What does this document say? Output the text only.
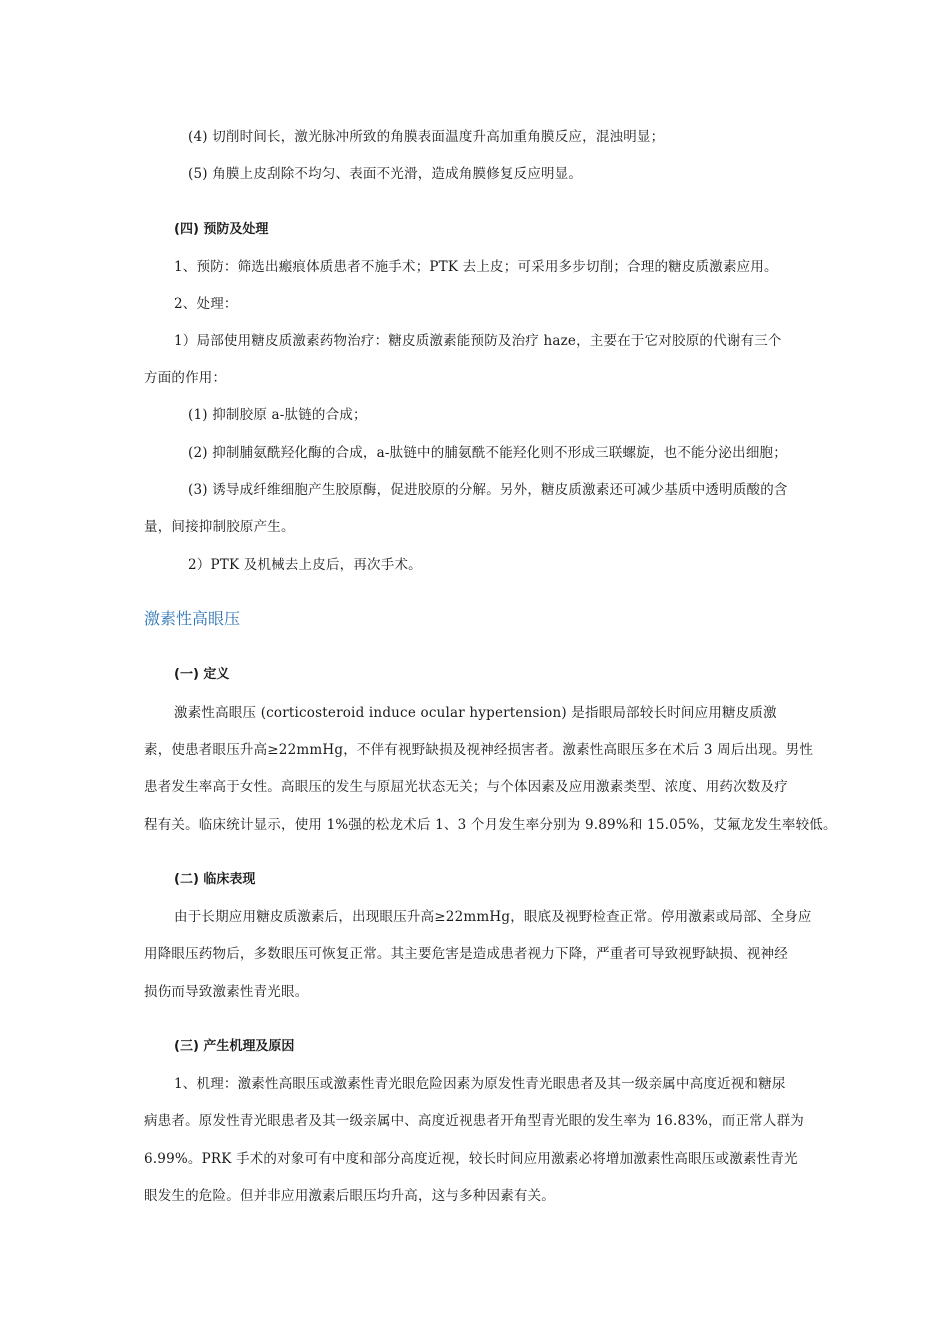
(4) 切削时间长，激光脉冲所致的角膜表面温度升高加重角膜反应，混浊明显；
(5) 角膜上皮刮除不均匀、表面不光滑，造成角膜修复反应明显。
(四) 预防及处理
1、预防：筛选出瘢痕体质患者不施手术；PTK 去上皮；可采用多步切削；合理的糖皮质激素应用。
2、处理：
1）局部使用糖皮质激素药物治疗：糖皮质激素能预防及治疗 haze，主要在于它对胶原的代谢有三个
方面的作用：
(1) 抑制胶原 a-肽链的合成；
(2) 抑制脯氨酰羟化酶的合成，a-肽链中的脯氨酰不能羟化则不形成三联螺旋，也不能分泌出细胞；
(3) 诱导成纤维细胞产生胶原酶，促进胶原的分解。另外，糖皮质激素还可减少基质中透明质酸的含
量，间接抑制胶原产生。
2）PTK 及机械去上皮后，再次手术。
激素性高眼压
(一) 定义
激素性高眼压 (corticosteroid induce ocular hypertension) 是指眼局部较长时间应用糖皮质激
素，使患者眼压升高≥22mmHg，不伴有视野缺损及视神经损害者。激素性高眼压多在术后 3 周后出现。男性
患者发生率高于女性。高眼压的发生与原屈光状态无关；与个体因素及应用激素类型、浓度、用药次数及疗
程有关。临床统计显示，使用 1%强的松龙术后 1、3 个月发生率分别为 9.89%和 15.05%，艾氟龙发生率较低。
(二) 临床表现
由于长期应用糖皮质激素后，出现眼压升高≥22mmHg，眼底及视野检查正常。停用激素或局部、全身应
用降眼压药物后，多数眼压可恢复正常。其主要危害是造成患者视力下降，严重者可导致视野缺损、视神经
损伤而导致激素性青光眼。
(三) 产生机理及原因
1、机理：激素性高眼压或激素性青光眼危险因素为原发性青光眼患者及其一级亲属中高度近视和糖尿
病患者。原发性青光眼患者及其一级亲属中、高度近视患者开角型青光眼的发生率为 16.83%，而正常人群为
6.99%。PRK 手术的对象可有中度和部分高度近视，较长时间应用激素必将增加激素性高眼压或激素性青光
眼发生的危险。但并非应用激素后眼压均升高，这与多种因素有关。
